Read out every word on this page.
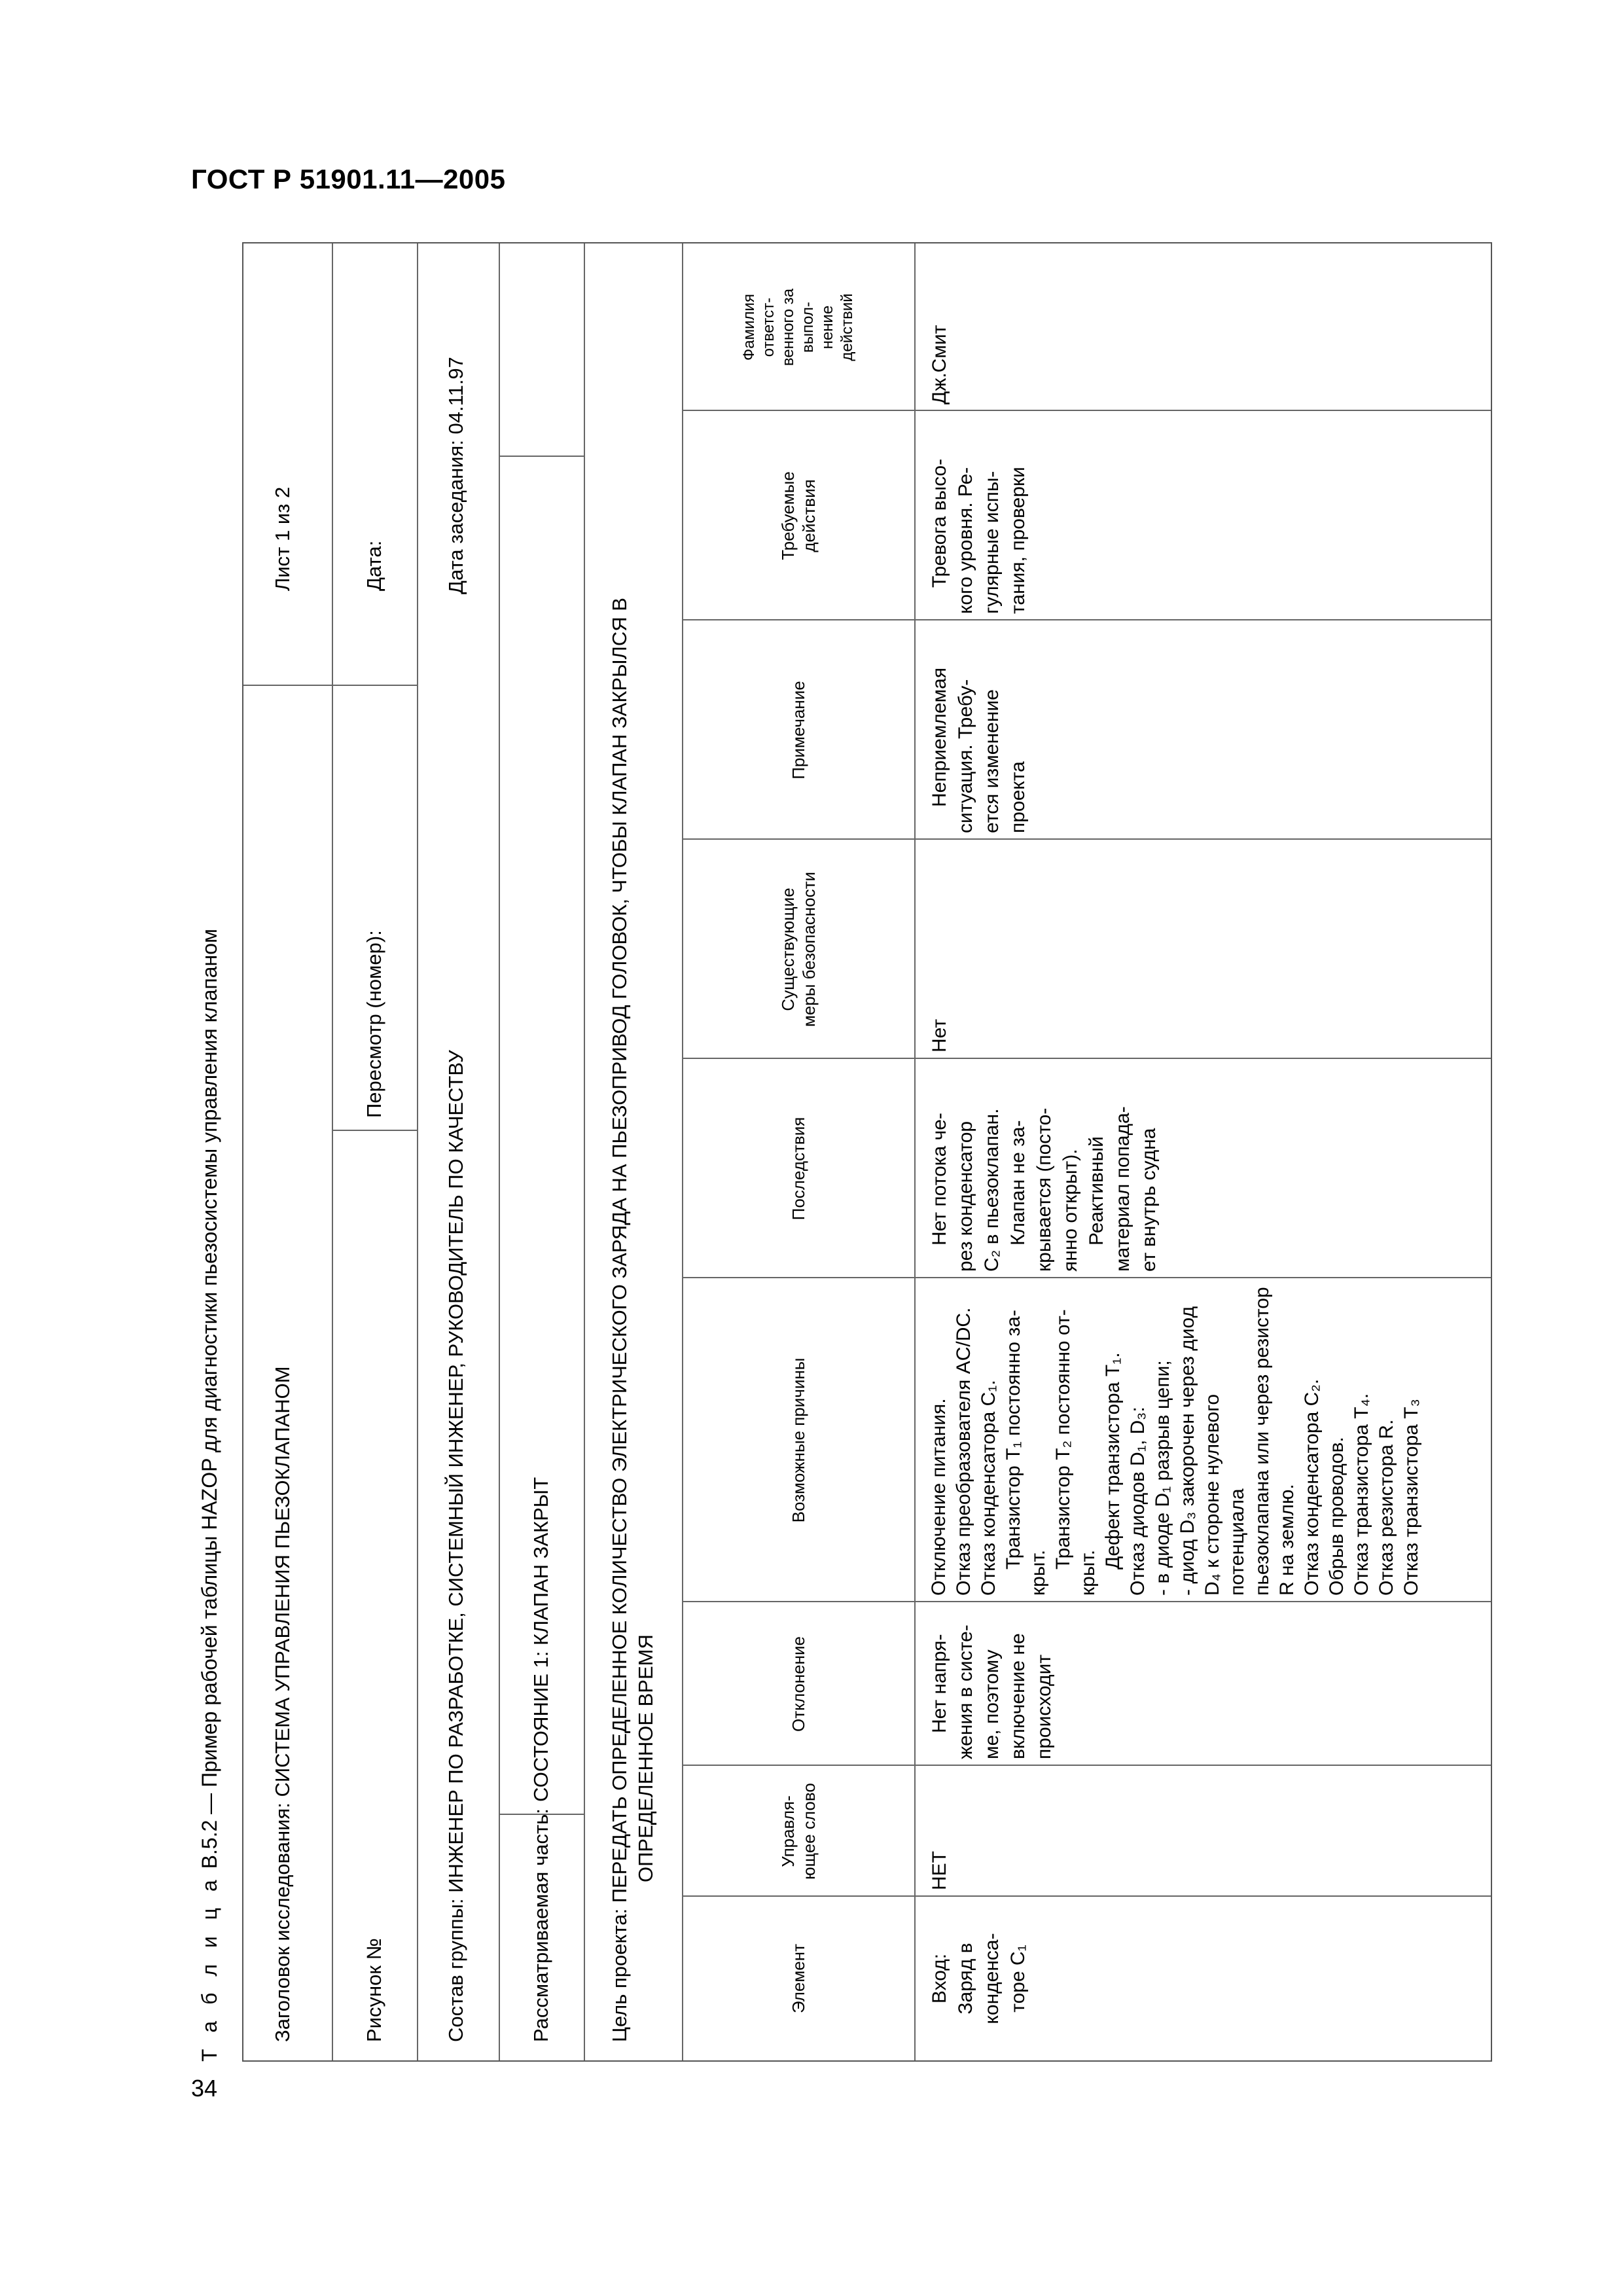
ГОСТ Р 51901.11—2005
34
Т а б л и ц а В.5.2 — Пример рабочей таблицы HAZOP для диагностики пьезосистемы управления клапаном	Заголовок исследования: СИСТЕМА УПРАВЛЕНИЯ ПЬЕЗОКЛАПАНОМ
Лист 1 из 2
Рисунок №
Пересмотр (номер):
Дата:
Состав группы: ИНЖЕНЕР ПО РАЗРАБОТКЕ, СИСТЕМНЫЙ ИНЖЕНЕР, РУКОВОДИТЕЛЬ ПО КАЧЕСТВУ
Дата заседания: 04.11.97
Рассматриваемая часть:
СОСТОЯНИЕ 1: КЛАПАН ЗАКРЫТ	Цель проекта: ПЕРЕДАТЬ ОПРЕДЕЛЕННОЕ КОЛИЧЕСТВО ЭЛЕКТРИЧЕСКОГО ЗАРЯДА НА ПЬЕЗОПРИВОД ГОЛОВОК, ЧТОБЫ КЛАПАН ЗАКРЫЛСЯ В ОПРЕДЕЛЕННОЕ ВРЕМЯ
Элемент
Управля-
ющее слово
Отклонение
Возможные причины
Последствия
Существующие
меры безопасности
Примечание
Требуемые
действия
Фамилия ответст- венного за выпол- нение действий

Вход: Заряд в конденса- торе C₁

НЕТ

Нет напря- жения в систе- ме, поэтому включение не происходит

Отключение питания. Отказ преобразователя AC/DC. Отказ конденсатора C₁. Транзистор T₁ постоянно за-

крыт.

Транзистор T₂ постоянно от-

крыт.

Дефект транзистора T₁. Отказ диодов D₁, D₃: - в диоде D₁ разрыв цепи; - диод D₃ закорочен через диод D₄ к стороне нулевого потенциала пьезоклапана или через резистор R на землю. Отказ конденсатора C₂. Обрыв проводов. Отказ транзистора T₄. Отказ резистора R. Отказ транзистора T₃

Нет потока че- рез конденсатор C₂ в пьезоклапан. Клапан не за- крывается (посто- янно открыт). Реактивный материал попада- ет внутрь судна

Нет

Неприемлемая ситуация. Требу- ется изменение проекта

Тревога высо- кого уровня. Ре- гулярные испы- тания, проверки

Дж.Смит
